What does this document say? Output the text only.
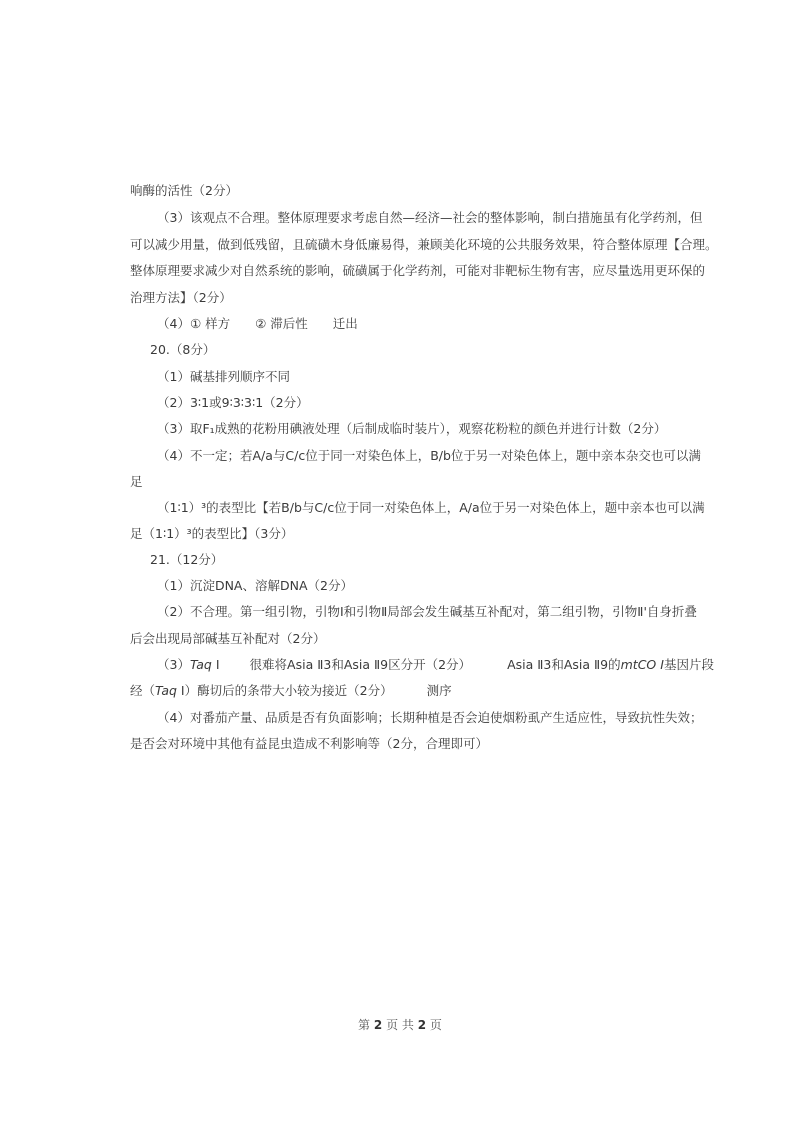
响酶的活性（2分）
（3）该观点不合理。整体原理要求考虑自然—经济—社会的整体影响，制白措施虽有化学药剂，但
可以减少用量，做到低残留，且硫磺木身低廉易得，兼顾美化环境的公共服务效果，符合整体原理【合理。
整体原理要求减少对自然系统的影响，硫磺属于化学药剂，可能对非靶标生物有害，应尽量选用更环保的
治理方法】（2分）
（4）① 样方　　② 滞后性　　迁出
20.（8分）
（1）碱基排列顺序不同
（2）3∶1或9∶3∶3∶1（2分）
（3）取F₁成熟的花粉用碘液处理（后制成临时装片），观察花粉粒的颜色并进行计数（2分）
（4）不一定；若A/a与C/c位于同一对染色体上，B/b位于另一对染色体上，题中亲本杂交也可以满
足
（1∶1）³的表型比【若B/b与C/c位于同一对染色体上，A/a位于另一对染色体上，题中亲本也可以满
足（1∶1）³的表型比】（3分）
21.（12分）
（1）沉淀DNA、溶解DNA（2分）
（2）不合理。第一组引物，引物Ⅰ和引物Ⅱ局部会发生碱基互补配对，第二组引物，引物Ⅱ'自身折叠
后会出现局部碱基互补配对（2分）
（3）Taq Ⅰ 很难将Asia Ⅱ3和Asia Ⅱ9区分开（2分）	Asia Ⅱ3和Asia Ⅱ9的mtCO Ⅰ基因片段
经（Taq Ⅰ）酶切后的条带大小较为接近（2分）	测序
（4）对番茄产量、品质是否有负面影响；长期种植是否会迫使烟粉虱产生适应性，导致抗性失效；
是否会对环境中其他有益昆虫造成不利影响等（2分，合理即可）
第 2 页 共 2 页
